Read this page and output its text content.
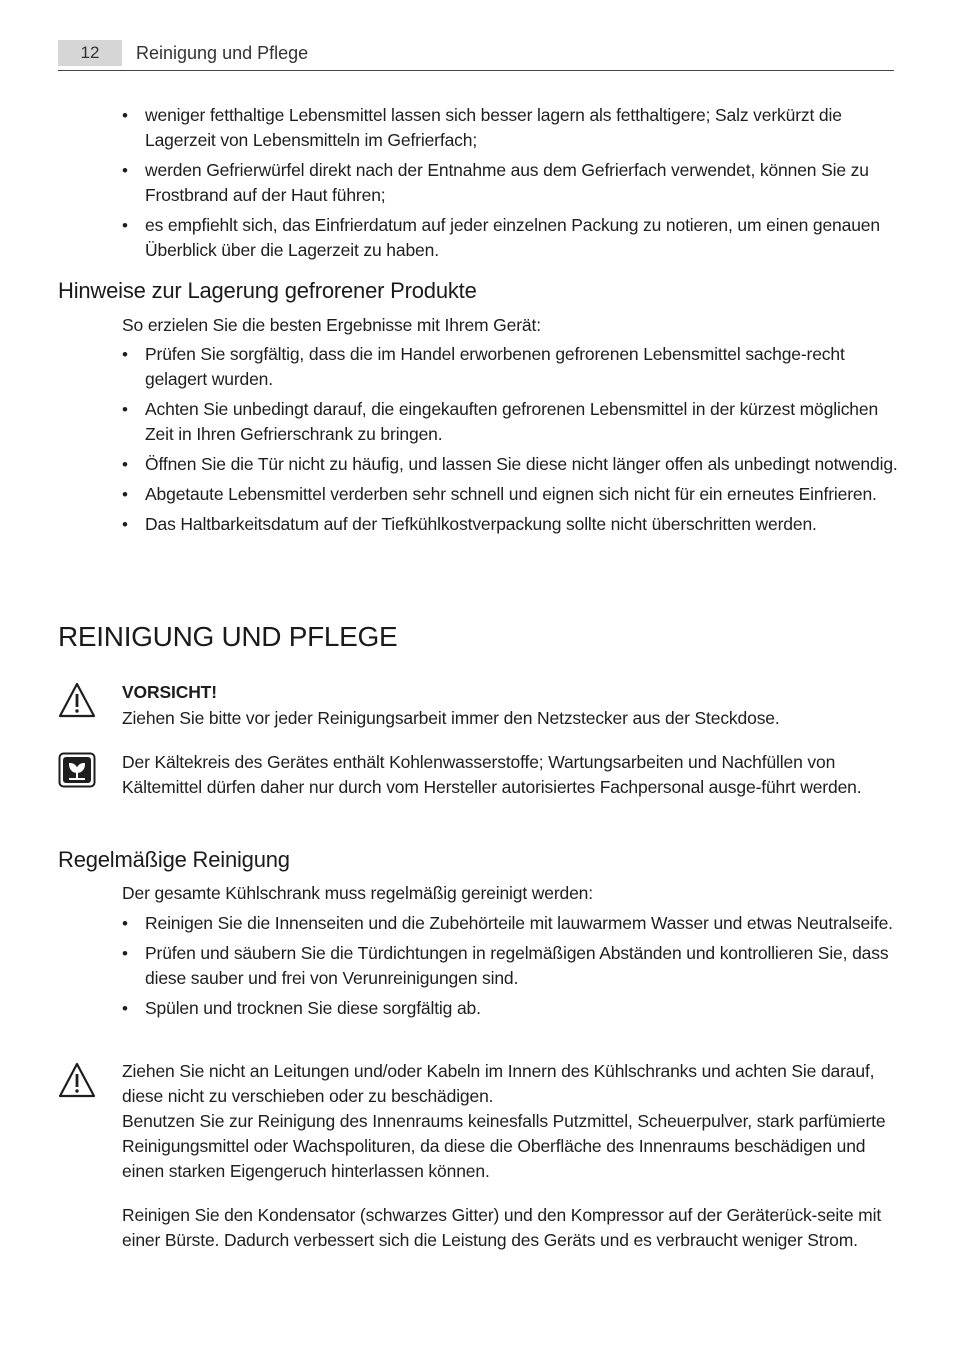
12	Reinigung und Pflege
• weniger fetthaltige Lebensmittel lassen sich besser lagern als fetthaltigere; Salz verkürzt die Lagerzeit von Lebensmitteln im Gefrierfach;
• werden Gefrierwürfel direkt nach der Entnahme aus dem Gefrierfach verwendet, können Sie zu Frostbrand auf der Haut führen;
• es empfiehlt sich, das Einfrierdatum auf jeder einzelnen Packung zu notieren, um einen genauen Überblick über die Lagerzeit zu haben.
Hinweise zur Lagerung gefrorener Produkte
So erzielen Sie die besten Ergebnisse mit Ihrem Gerät:
• Prüfen Sie sorgfältig, dass die im Handel erworbenen gefrorenen Lebensmittel sachge-recht gelagert wurden.
• Achten Sie unbedingt darauf, die eingekauften gefrorenen Lebensmittel in der kürzest möglichen Zeit in Ihren Gefrierschrank zu bringen.
• Öffnen Sie die Tür nicht zu häufig, und lassen Sie diese nicht länger offen als unbedingt notwendig.
• Abgetaute Lebensmittel verderben sehr schnell und eignen sich nicht für ein erneutes Einfrieren.
• Das Haltbarkeitsdatum auf der Tiefkühlkostverpackung sollte nicht überschritten werden.
REINIGUNG UND PFLEGE
VORSICHT!
Ziehen Sie bitte vor jeder Reinigungsarbeit immer den Netzstecker aus der Steckdose.
Der Kältekreis des Gerätes enthält Kohlenwasserstoffe; Wartungsarbeiten und Nachfüllen von Kältemittel dürfen daher nur durch vom Hersteller autorisiertes Fachpersonal ausge-führt werden.
Regelmäßige Reinigung
Der gesamte Kühlschrank muss regelmäßig gereinigt werden:
• Reinigen Sie die Innenseiten und die Zubehörteile mit lauwarmem Wasser und etwas Neutralseife.
• Prüfen und säubern Sie die Türdichtungen in regelmäßigen Abständen und kontrollieren Sie, dass diese sauber und frei von Verunreinigungen sind.
• Spülen und trocknen Sie diese sorgfältig ab.
Ziehen Sie nicht an Leitungen und/oder Kabeln im Innern des Kühlschranks und achten Sie darauf, diese nicht zu verschieben oder zu beschädigen.
Benutzen Sie zur Reinigung des Innenraums keinesfalls Putzmittel, Scheuerpulver, stark parfümierte Reinigungsmittel oder Wachspolituren, da diese die Oberfläche des Innenraums beschädigen und einen starken Eigengeruch hinterlassen können.
Reinigen Sie den Kondensator (schwarzes Gitter) und den Kompressor auf der Geräterück-seite mit einer Bürste. Dadurch verbessert sich die Leistung des Geräts und es verbraucht weniger Strom.
